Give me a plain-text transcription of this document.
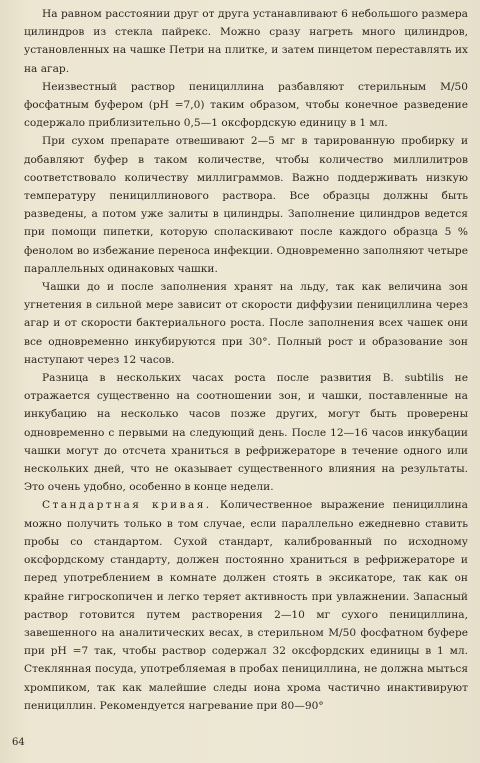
На равном расстоянии друг от друга устанавливают 6 небольшого размера цилиндров из стекла пайрекс. Можно сразу нагреть много цилиндров, установленных на чашке Петри на плитке, и затем пинцетом переставлять их на агар.

Неизвестный раствор пенициллина разбавляют стерильным М/50 фосфатным буфером (рН =7,0) таким образом, чтобы конечное разведение содержало приблизительно 0,5—1 оксфордскую единицу в 1 мл.

При сухом препарате отвешивают 2—5 мг в тарированную пробирку и добавляют буфер в таком количестве, чтобы количество миллилитров соответствовало количеству миллиграммов. Важно поддерживать низкую температуру пенициллинового раствора. Все образцы должны быть разведены, а потом уже залиты в цилиндры. Заполнение цилиндров ведется при помощи пипетки, которую споласкивают после каждого образца 5 % фенолом во избежание переноса инфекции. Одновременно заполняют четыре параллельных одинаковых чашки.

Чашки до и после заполнения хранят на льду, так как величина зон угнетения в сильной мере зависит от скорости диффузии пенициллина через агар и от скорости бактериального роста. После заполнения всех чашек они все одновременно инкубируются при 30°. Полный рост и образование зон наступают через 12 часов.

Разница в нескольких часах роста после развития B. subtilis не отражается существенно на соотношении зон, и чашки, поставленные на инкубацию на несколько часов позже других, могут быть проверены одновременно с первыми на следующий день. После 12—16 часов инкубации чашки могут до отсчета храниться в рефрижераторе в течение одного или нескольких дней, что не оказывает существенного влияния на результаты. Это очень удобно, особенно в конце недели.

Стандартная кривая. Количественное выражение пенициллина можно получить только в том случае, если параллельно ежедневно ставить пробы со стандартом. Сухой стандарт, калиброванный по исходному оксфордскому стандарту, должен постоянно храниться в рефрижераторе и перед употреблением в комнате должен стоять в эксикаторе, так как он крайне гигроскопичен и легко теряет активность при увлажнении. Запасный раствор готовится путем растворения 2—10 мг сухого пенициллина, завешенного на аналитических весах, в стерильном М/50 фосфатном буфере при рН =7 так, чтобы раствор содержал 32 оксфордских единицы в 1 мл. Стеклянная посуда, употребляемая в пробах пенициллина, не должна мыться хромпиком, так как малейшие следы иона хрома частично инактивируют пенициллин. Рекомендуется нагревание при 80—90°

64
